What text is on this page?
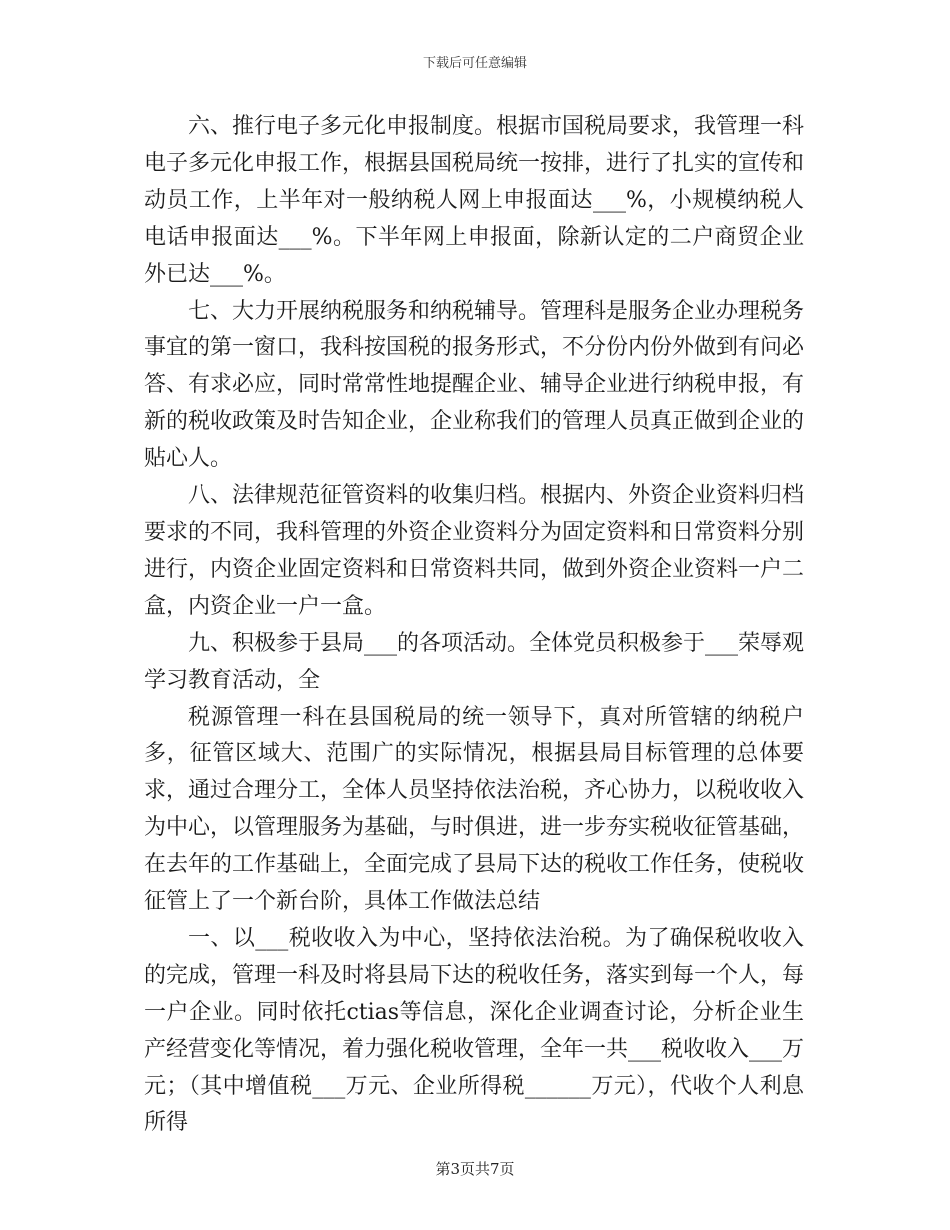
下载后可任意编辑

六、推行电子多元化申报制度。根据市国税局要求，我管理一科电子多元化申报工作，根据县国税局统一按排，进行了扎实的宣传和动员工作，上半年对一般纳税人网上申报面达___%，小规模纳税人电话申报面达___%。下半年网上申报面，除新认定的二户商贸企业外已达___%。

七、大力开展纳税服务和纳税辅导。管理科是服务企业办理税务事宜的第一窗口，我科按国税的报务形式，不分份内份外做到有问必答、有求必应，同时常常性地提醒企业、辅导企业进行纳税申报，有新的税收政策及时告知企业，企业称我们的管理人员真正做到企业的贴心人。

八、法律规范征管资料的收集归档。根据内、外资企业资料归档要求的不同，我科管理的外资企业资料分为固定资料和日常资料分别进行，内资企业固定资料和日常资料共同，做到外资企业资料一户二盒，内资企业一户一盒。

九、积极参于县局___的各项活动。全体党员积极参于___荣辱观学习教育活动，全

税源管理一科在县国税局的统一领导下，真对所管辖的纳税户多，征管区域大、范围广的实际情况，根据县局目标管理的总体要求，通过合理分工，全体人员坚持依法治税，齐心协力，以税收收入为中心，以管理服务为基础，与时俱进，进一步夯实税收征管基础，在去年的工作基础上，全面完成了县局下达的税收工作任务，使税收征管上了一个新台阶，具体工作做法总结

一、以___税收收入为中心，坚持依法治税。为了确保税收收入的完成，管理一科及时将县局下达的税收任务，落实到每一个人，每一户企业。同时依托ctias等信息，深化企业调查讨论，分析企业生产经营变化等情况，着力强化税收管理，全年一共___税收收入___万元；（其中增值税___万元、企业所得税______万元），代收个人利息所得

第3页共7页
